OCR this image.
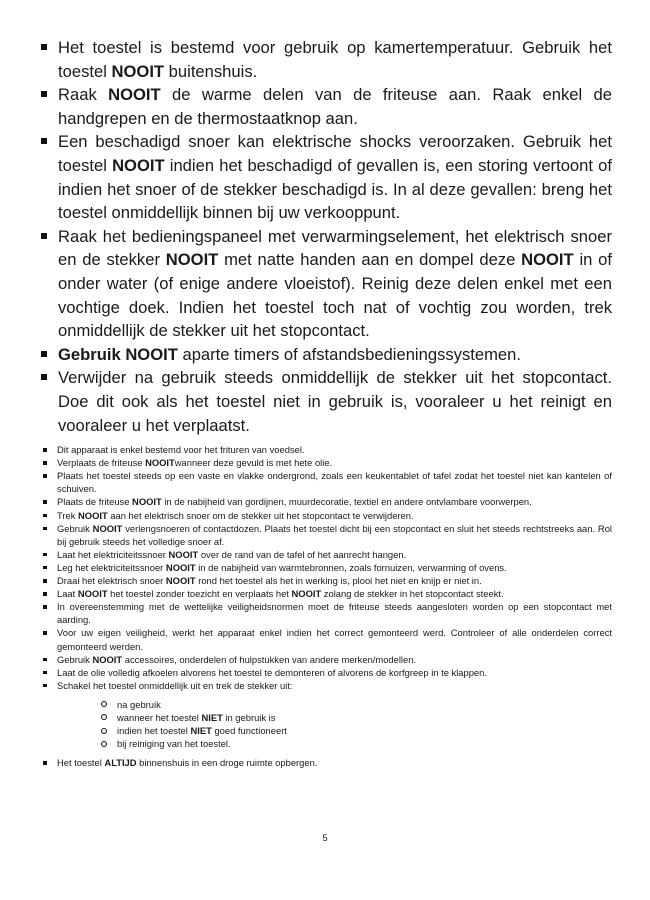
Het toestel is bestemd voor gebruik op kamertemperatuur. Gebruik het toestel NOOIT buitenshuis.
Raak NOOIT de warme delen van de friteuse aan. Raak enkel de handgrepen en de thermostaatknop aan.
Een beschadigd snoer kan elektrische shocks veroorzaken. Gebruik het toestel NOOIT indien het beschadigd of gevallen is, een storing vertoont of indien het snoer of de stekker beschadigd is. In al deze gevallen: breng het toestel onmiddellijk binnen bij uw verkooppunt.
Raak het bedieningspaneel met verwarmingselement, het elektrisch snoer en de stekker NOOIT met natte handen aan en dompel deze NOOIT in of onder water (of enige andere vloeistof). Reinig deze delen enkel met een vochtige doek. Indien het toestel toch nat of vochtig zou worden, trek onmiddellijk de stekker uit het stopcontact.
Gebruik NOOIT aparte timers of afstandsbedieningssystemen.
Verwijder na gebruik steeds onmiddellijk de stekker uit het stopcontact. Doe dit ook als het toestel niet in gebruik is, vooraleer u het reinigt en vooraleer u het verplaatst.
Dit apparaat is enkel bestemd voor het frituren van voedsel.
Verplaats de friteuse NOOITwanneer deze gevuld is met hete olie.
Plaats het toestel steeds op een vaste en vlakke ondergrond, zoals een keukentablet of tafel zodat het toestel niet kan kantelen of schuiven.
Plaats de friteuse NOOIT in de nabijheid van gordijnen, muurdecoratie, textiel en andere ontvlambare voorwerpen.
Trek NOOIT aan het elektrisch snoer om de stekker uit het stopcontact te verwijderen.
Gebruik NOOIT verlengsnoeren of contactdozen. Plaats het toestel dicht bij een stopcontact en sluit het steeds rechtstreeks aan. Rol bij gebruik steeds het volledige snoer af.
Laat het elektriciteitssnoer NOOIT over de rand van de tafel of het aanrecht hangen.
Leg het elektriciteitssnoer NOOIT in de nabijheid van warmtebronnen, zoals fornuizen, verwarming of ovens.
Draai het elektrisch snoer NOOIT rond het toestel als het in werking is, plooi het niet en knijp er niet in.
Laat NOOIT het toestel zonder toezicht en verplaats het NOOIT zolang de stekker in het stopcontact steekt.
In overeenstemming met de wettelijke veiligheidsnormen moet de friteuse steeds aangesloten worden op een stopcontact met aarding.
Voor uw eigen veiligheid, werkt het apparaat enkel indien het correct gemonteerd werd. Controleer of alle onderdelen correct gemonteerd werden.
Gebruik NOOIT accessoires, onderdelen of hulpstukken van andere merken/modellen.
Laat de olie volledig afkoelen alvorens het toestel te demonteren of alvorens de korfgreep in te klappen.
Schakel het toestel onmiddellijk uit en trek de stekker uit:
na gebruik
wanneer het toestel NIET in gebruik is
indien het toestel NIET goed functioneert
bij reiniging van het toestel.
Het toestel ALTIJD binnenshuis in een droge ruimte opbergen.
5
